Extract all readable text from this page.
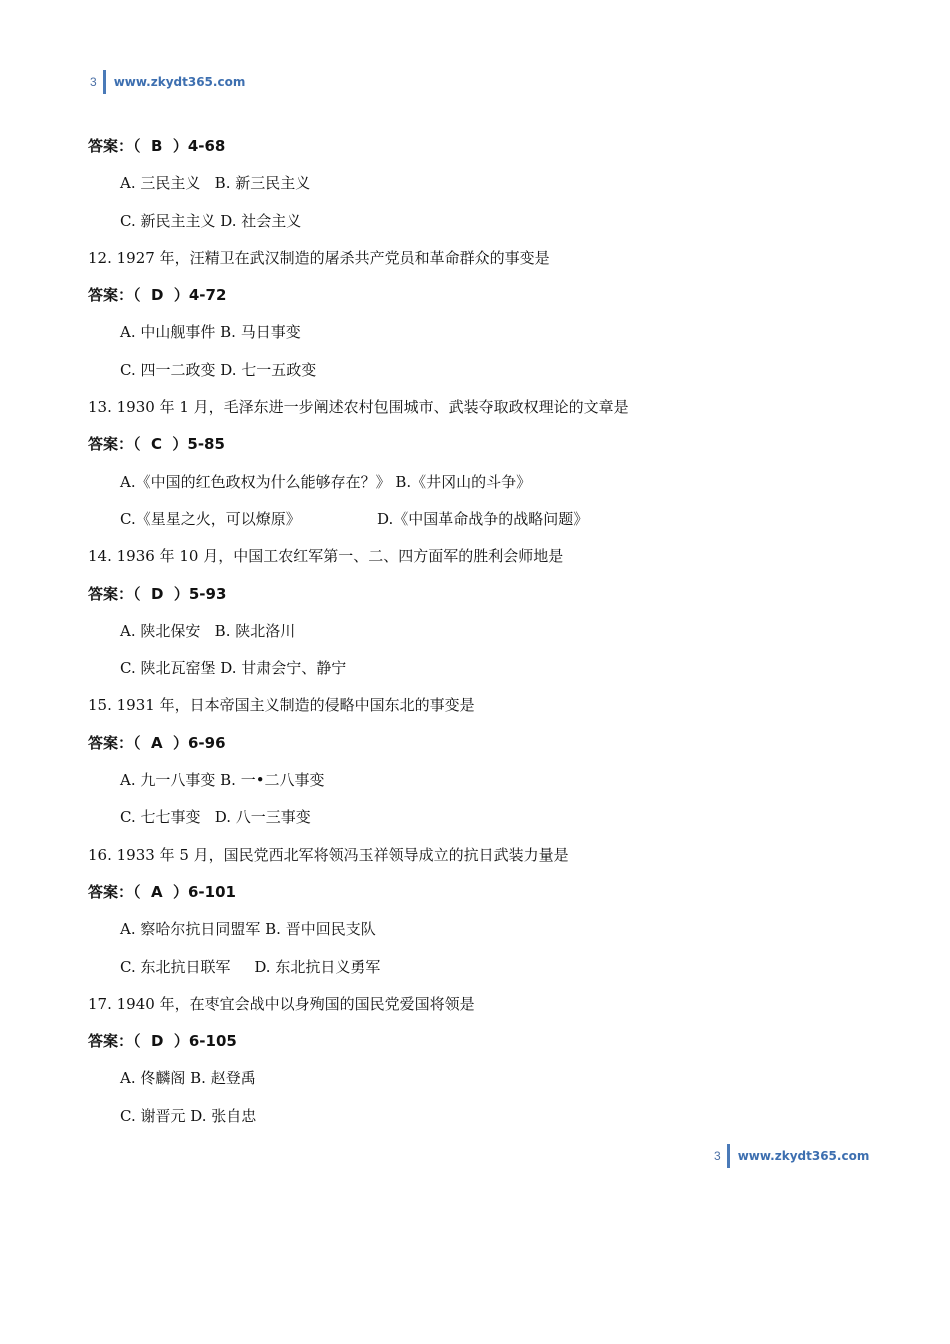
3 www.zkydt365.com
答案：（  B  ）4-68
A. 三民主义   B. 新三民主义
C. 新民主主义 D. 社会主义
12. 1927 年，汪精卫在武汉制造的屠杀共产党员和革命群众的事变是
答案：（  D  ）4-72
A. 中山舰事件 B. 马日事变
C. 四一二政变 D. 七一五政变
13. 1930 年 1 月，毛泽东进一步阐述农村包围城市、武装夺取政权理论的文章是
答案：（  C  ）5-85
A.《中国的红色政权为什么能够存在？》 B.《井冈山的斗争》
C.《星星之火，可以燎原》                D.《中国革命战争的战略问题》
14. 1936 年 10 月，中国工农红军第一、二、四方面军的胜利会师地是
答案：（  D  ）5-93
A. 陕北保安   B. 陕北洛川
C. 陕北瓦窑堡 D. 甘肃会宁、静宁
15. 1931 年，日本帝国主义制造的侵略中国东北的事变是
答案：（  A  ）6-96
A. 九一八事变 B. 一•二八事变
C. 七七事变   D. 八一三事变
16. 1933 年 5 月，国民党西北军将领冯玉祥领导成立的抗日武装力量是
答案：（  A  ）6-101
A. 察哈尔抗日同盟军 B. 晋中回民支队
C. 东北抗日联军     D. 东北抗日义勇军
17. 1940 年，在枣宜会战中以身殉国的国民党爱国将领是
答案：（  D  ）6-105
A. 佟麟阁 B. 赵登禹
C. 谢晋元 D. 张自忠
3 www.zkydt365.com
